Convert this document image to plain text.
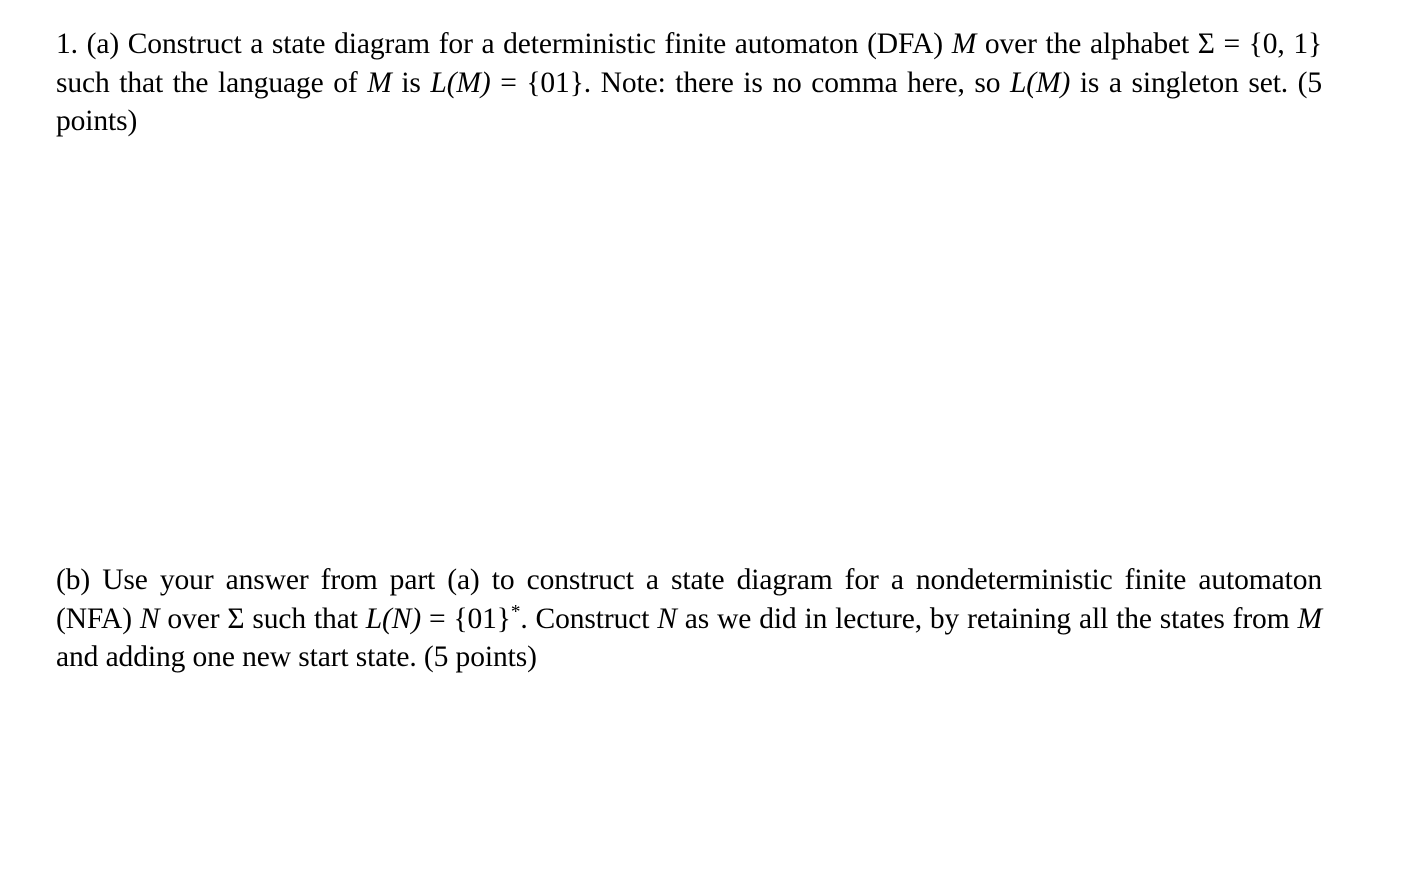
1. (a) Construct a state diagram for a deterministic finite automaton (DFA) M over the alphabet Σ = {0, 1} such that the language of M is L(M) = {01}. Note: there is no comma here, so L(M) is a singleton set. (5 points)
(b) Use your answer from part (a) to construct a state diagram for a nondeterministic finite automaton (NFA) N over Σ such that L(N) = {01}*. Construct N as we did in lecture, by retaining all the states from M and adding one new start state. (5 points)
